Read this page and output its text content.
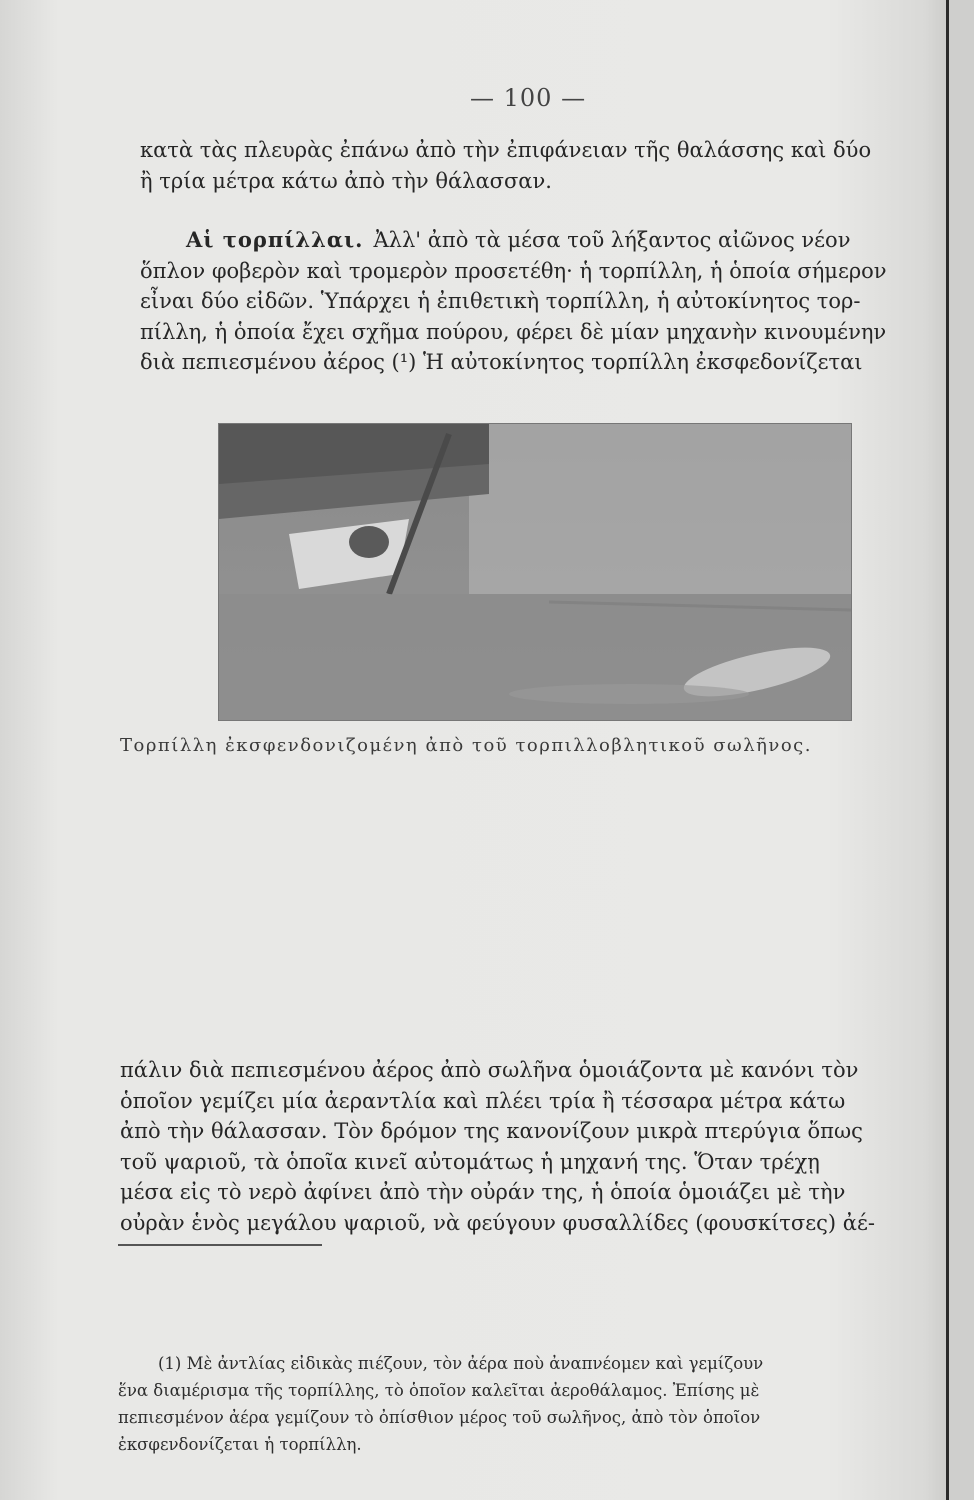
— 100 —
κατὰ τὰς πλευρὰς ἐπάνω ἀπὸ τὴν ἐπιφάνειαν τῆς θαλάσσης καὶ δύο
ἢ τρία μέτρα κάτω ἀπὸ τὴν θάλασσαν.
Αἱ τορπίλλαι. Ἀλλ' ἀπὸ τὰ μέσα τοῦ λήξαντος αἰῶνος νέον
ὅπλον φοβερὸν καὶ τρομερὸν προσετέθη· ἡ τορπίλλη, ἡ ὁποία σήμερον
εἶναι δύο εἰδῶν. Ὑπάρχει ἡ ἐπιθετικὴ τορπίλλη, ἡ αὐτοκίνητος τορ-
πίλλη, ἡ ὁποία ἔχει σχῆμα πούρου, φέρει δὲ μίαν μηχανὴν κινουμένην
διὰ πεπιεσμένου ἀέρος (¹) Ἡ αὐτοκίνητος τορπίλλη ἐκσφεδονίζεται
Τορπίλλη ἐκσφενδονιζομένη ἀπὸ τοῦ τορπιλλοβλητικοῦ σωλῆνος.
πάλιν διὰ πεπιεσμένου ἀέρος ἀπὸ σωλῆνα ὁμοιάζοντα μὲ κανόνι τὸν
ὁποῖον γεμίζει μία ἀεραντλία καὶ πλέει τρία ἢ τέσσαρα μέτρα κάτω
ἀπὸ τὴν θάλασσαν. Τὸν δρόμον της κανονίζουν μικρὰ πτερύγια ὅπως
τοῦ ψαριοῦ, τὰ ὁποῖα κινεῖ αὐτομάτως ἡ μηχανή της. Ὅταν τρέχῃ
μέσα εἰς τὸ νερὸ ἀφίνει ἀπὸ τὴν οὐράν της, ἡ ὁποία ὁμοιάζει μὲ τὴν
οὐρὰν ἑνὸς μεγάλου ψαριοῦ, νὰ φεύγουν φυσαλλίδες (φουσκίτσες) ἀέ-
(1) Μὲ ἀντλίας εἰδικὰς πιέζουν, τὸν ἀέρα ποὺ ἀναπνέομεν καὶ γεμίζουν
ἕνα διαμέρισμα τῆς τορπίλλης, τὸ ὁποῖον καλεῖται ἀεροθάλαμος. Ἐπίσης μὲ
πεπιεσμένον ἀέρα γεμίζουν τὸ ὀπίσθιον μέρος τοῦ σωλῆνος, ἀπὸ τὸν ὁποῖον
ἐκσφενδονίζεται ἡ τορπίλλη.
